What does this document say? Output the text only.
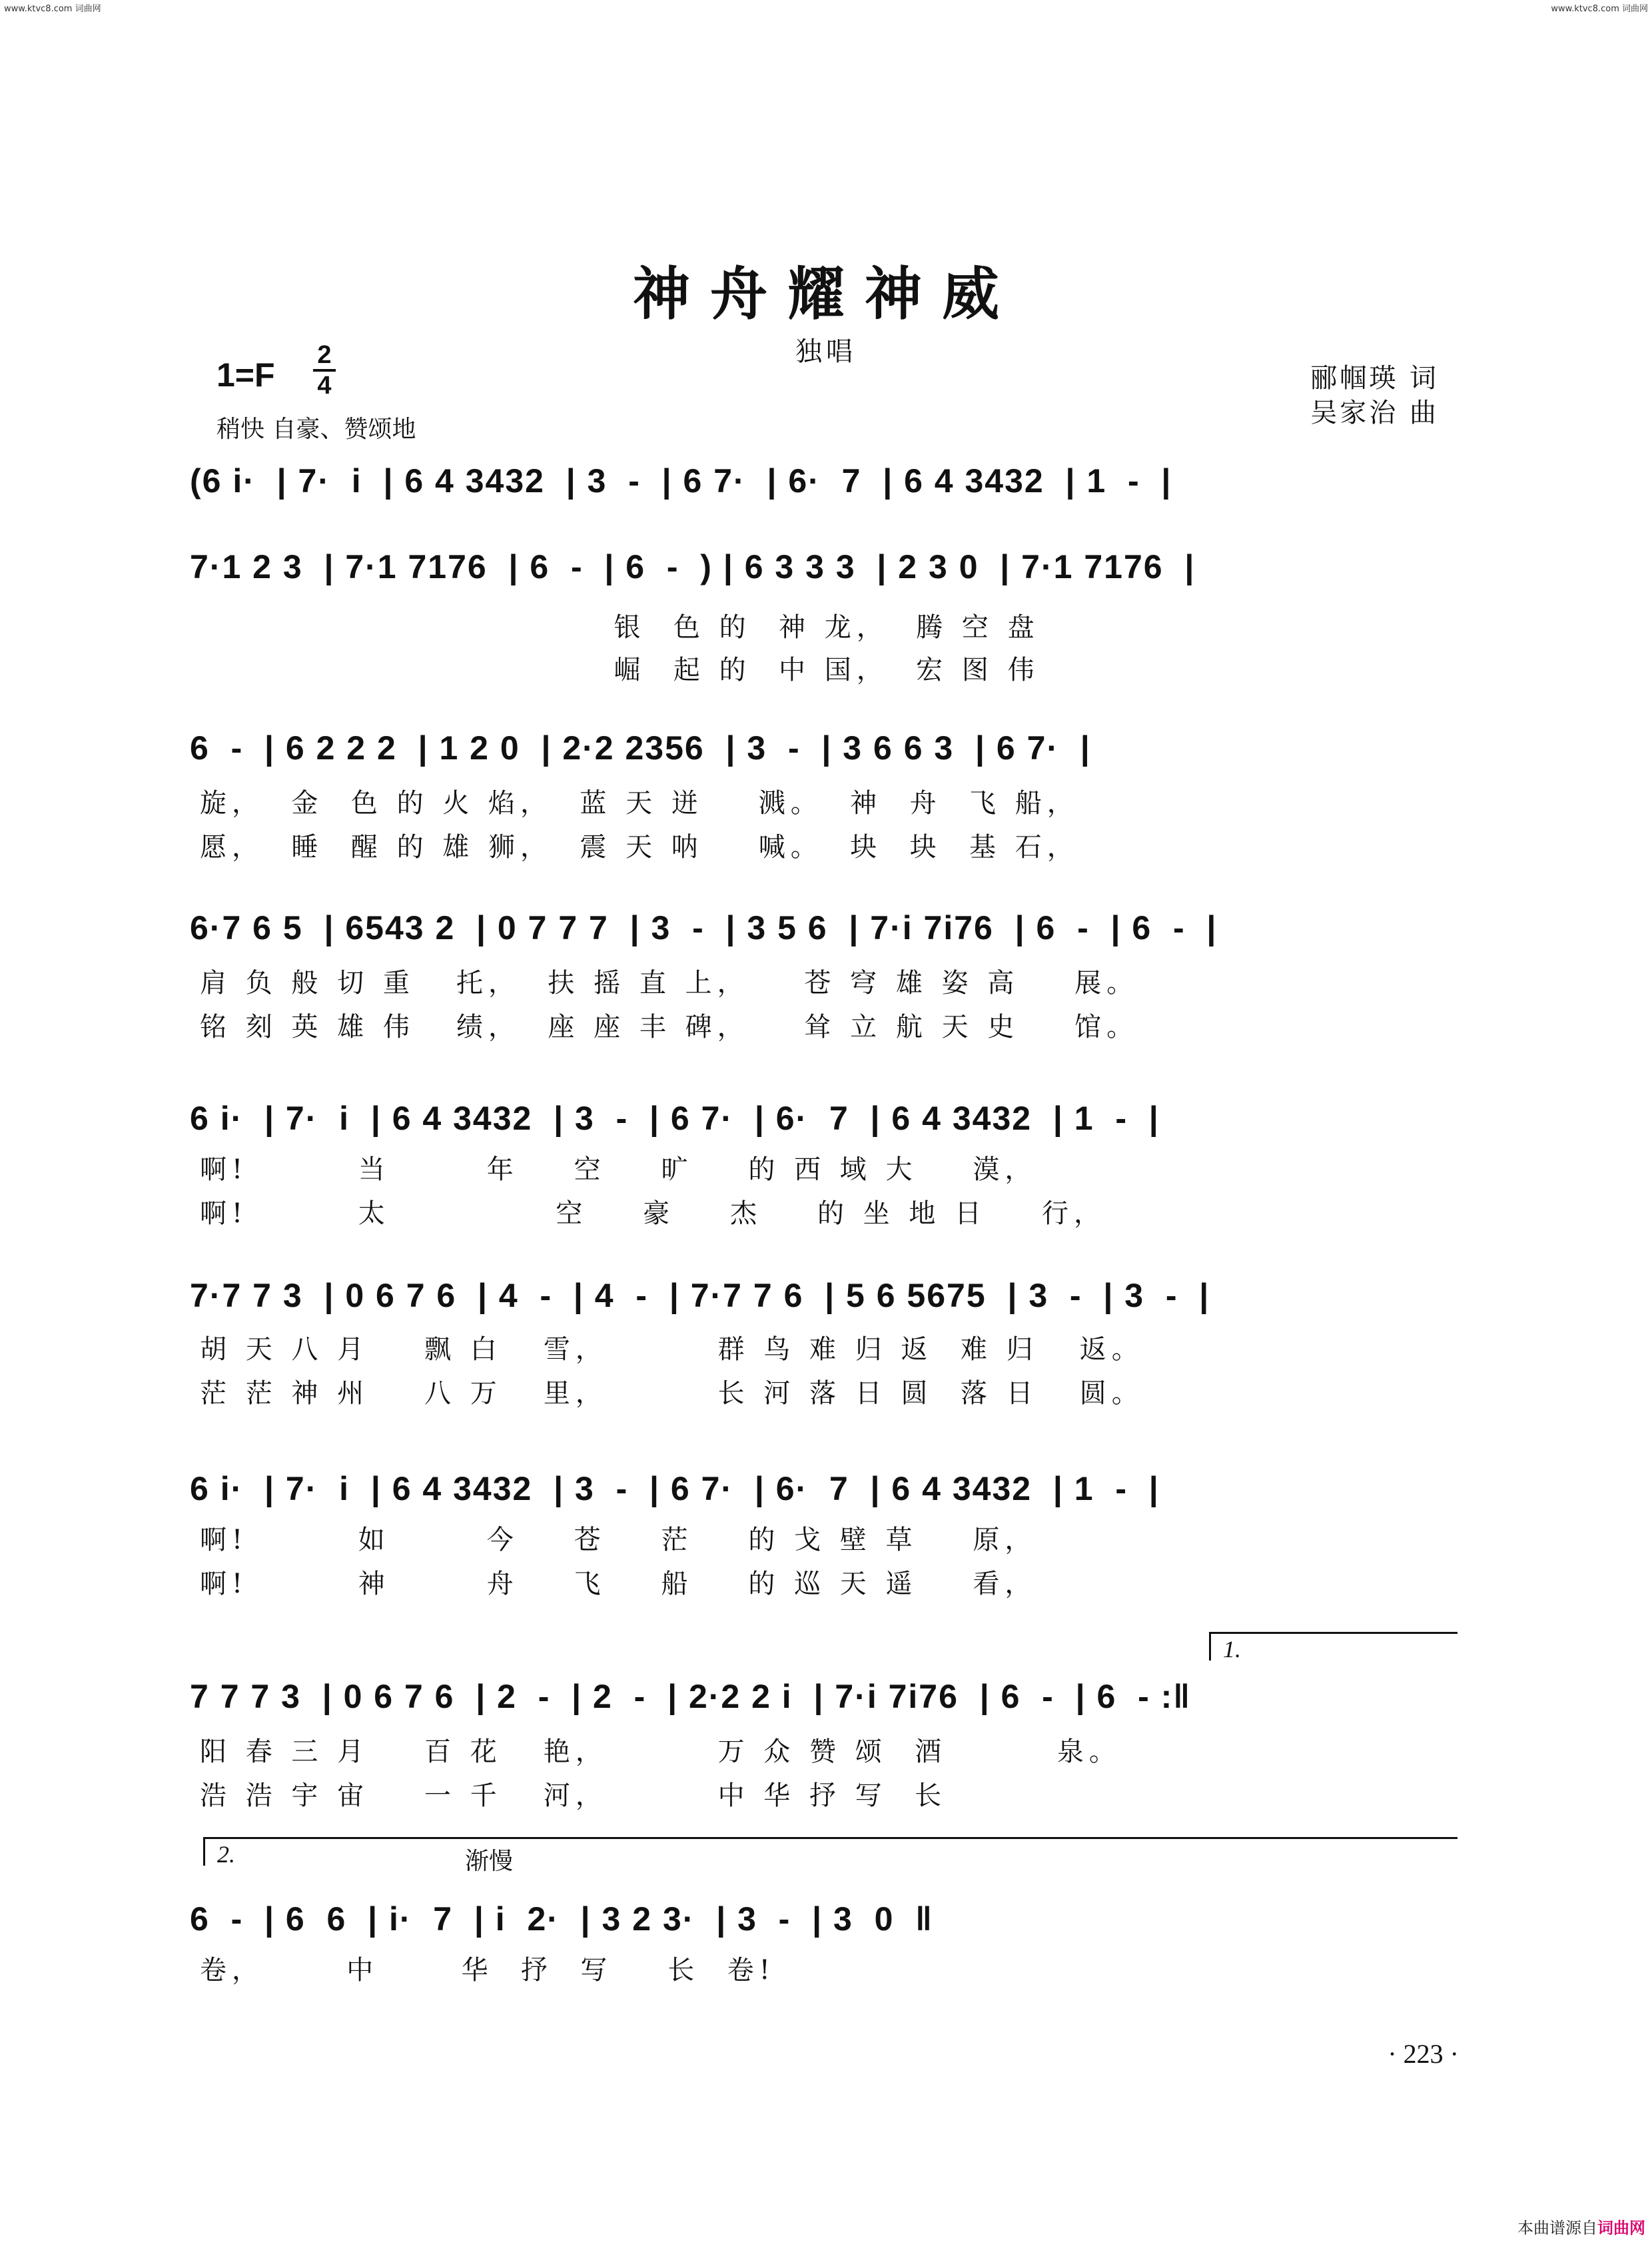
www.ktvc8.com 词曲网	www.ktvc8.com 词曲网
本曲谱源自词曲网
神舟耀神威
独唱
1=F
2
4
稍快 自豪、赞颂地
郦帼瑛 词
吴家治 曲
(6 i·  | 7·  i  | 6 4 3432  | 3  -  | 6 7·  | 6·  7  | 6 4 3432  | 1  -  |
7·1 2 3  | 7·1 7176  | 6  -  | 6  -  ) | 6 3 3 3  | 2 3 0  | 7·1 7176  |
银  色 的  神 龙，  腾 空 盘
崛  起 的  中 国，  宏 图 伟
6  -  | 6 2 2 2  | 1 2 0  | 2·2 2356  | 3  -  | 3 6 6 3  | 6 7·  |
旋，  金  色 的 火 焰，  蓝 天 迸    溅。  神  舟  飞 船，
愿，  睡  醒 的 雄 狮，  震 天 呐    喊。  块  块  基 石，
6·7 6 5  | 6543 2  | 0 7 7 7  | 3  -  | 3 5 6  | 7·i 7i76  | 6  -  | 6  -  |
肩 负 般 切 重   托，  扶 摇 直 上，    苍 穹 雄 姿 高    展。
铭 刻 英 雄 伟   绩，  座 座 丰 碑，    耸 立 航 天 史    馆。
6 i·  | 7·  i  | 6 4 3432  | 3  -  | 6 7·  | 6·  7  | 6 4 3432  | 1  -  |
啊!        当       年    空    旷    的 西 域 大    漠，
啊!        太            空    豪    杰    的 坐 地 日    行，
7·7 7 3  | 0 6 7 6  | 4  -  | 4  -  | 7·7 7 6  | 5 6 5675  | 3  -  | 3  -  |
胡 天 八 月    飘 白   雪，        群 鸟 难 归 返  难 归   返。
茫 茫 神 州    八 万   里，        长 河 落 日 圆  落 日   圆。
6 i·  | 7·  i  | 6 4 3432  | 3  -  | 6 7·  | 6·  7  | 6 4 3432  | 1  -  |
啊!        如       今    苍    茫    的 戈 壁 草    原，
啊!        神       舟    飞    船    的 巡 天 遥    看，
1.
7 7 7 3  | 0 6 7 6  | 2  -  | 2  -  | 2·2 2 i  | 7·i 7i76  | 6  -  | 6  - :‖
阳 春 三 月    百 花   艳，        万 众 赞 颂  酒        泉。
浩 浩 宇 宙    一 千   河，        中 华 抒 写  长
2.	渐慢
6  -  | 6  6  | i·  7  | i  2·  | 3 2 3·  | 3  -  | 3  0  ‖
卷，      中      华  抒  写    长  卷!
· 223 ·
